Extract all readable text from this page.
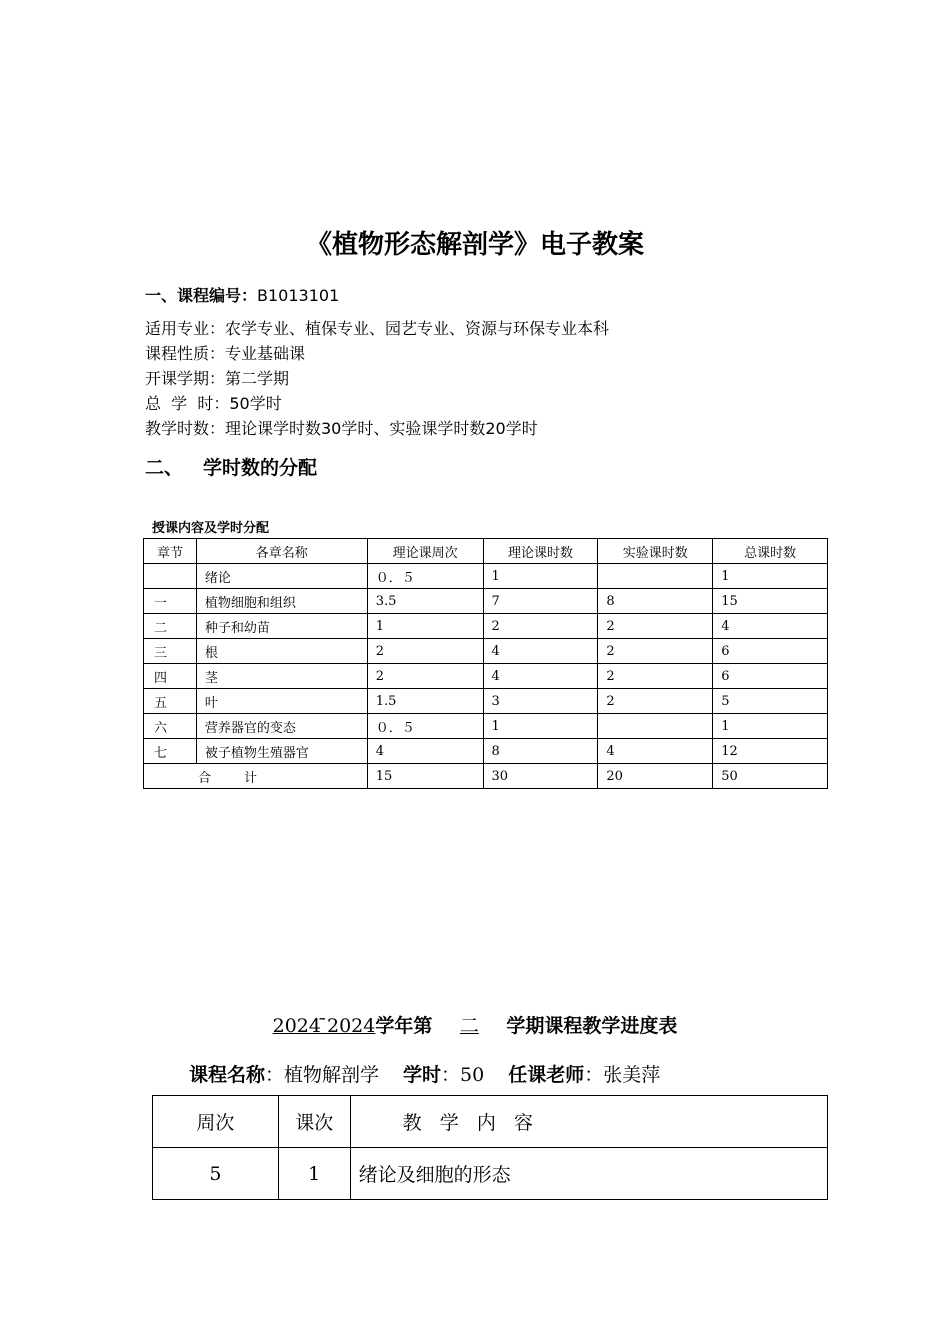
《植物形态解剖学》电子教案
一、课程编号：B1013101
适用专业：农学专业、植保专业、园艺专业、资源与环保专业本科
课程性质：专业基础课
开课学期：第二学期
总  学  时：50学时
教学时数：理论课学时数30学时、实验课学时数20学时
二、 学时数的分配
授课内容及学时分配
章节	各章名称	理论课周次	理论课时数	实验课时数	总课时数
	绪论	０．５	1		1
一	植物细胞和组织	3.5	7	8	15
二	种子和幼苗	1	2	2	4
三	根	2	4	2	6
四	茎	2	4	2	6
五	叶	1.5	3	2	5
六	营养器官的变态	０．５	1		1
七	被子植物生殖器官	4	8	4	12
合        计		15	30	20	50
2024 ̄2024学年第 二 学期课程教学进度表
课程名称：植物解剖学 学时：50 任课老师：张美萍
周次	课次	教   学   内   容
5	1	绪论及细胞的形态
